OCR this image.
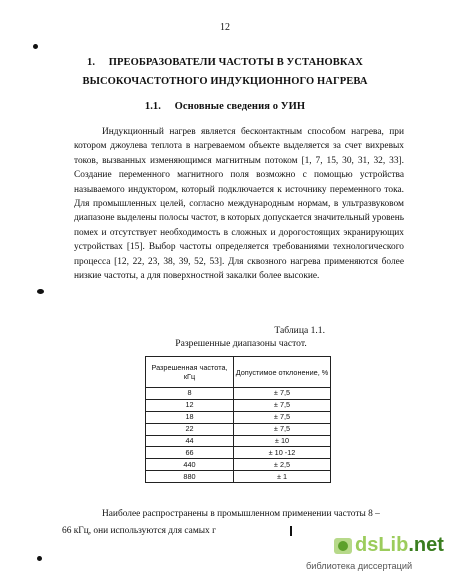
12
1. ПРЕОБРАЗОВАТЕЛИ ЧАСТОТЫ В УСТАНОВКАХ
ВЫСОКОЧАСТОТНОГО ИНДУКЦИОННОГО НАГРЕВА
1.1. Основные сведения о УИН

Индукционный нагрев является бесконтактным способом нагрева, при котором джоулева теплота в нагреваемом объекте выделяется за счет вихревых токов, вызванных изменяющимся магнитным потоком [1, 7, 15, 30, 31, 32, 33]. Создание переменного магнитного поля возможно с помощью устройства называемого индуктором, который подключается к источнику переменного тока. Для промышленных целей, согласно международным нормам, в ультразвуковом диапазоне выделены полосы частот, в которых допускается значительный уровень помех и отсутствует необходимость в сложных и дорогостоящих экранирующих устройствах [15]. Выбор частоты определяется требованиями технологического процесса [12, 22, 23, 38, 39, 52, 53]. Для сквозного нагрева применяются более низкие частоты, а для поверхностной закалки более высокие.

Таблица 1.1.
Разрешенные диапазоны частот.
Разрешенная частота, кГц	Допустимое отклонение, %
8	± 7,5
12	± 7,5
18	± 7,5
22	± 7,5
44	± 10
66	± 10 -12
440	± 2,5
880	± 1
Наиболее распространены в промышленном применении частоты 8 –
66 кГц, они используются для самых г
dsLib.net
библиотека диссертаций
